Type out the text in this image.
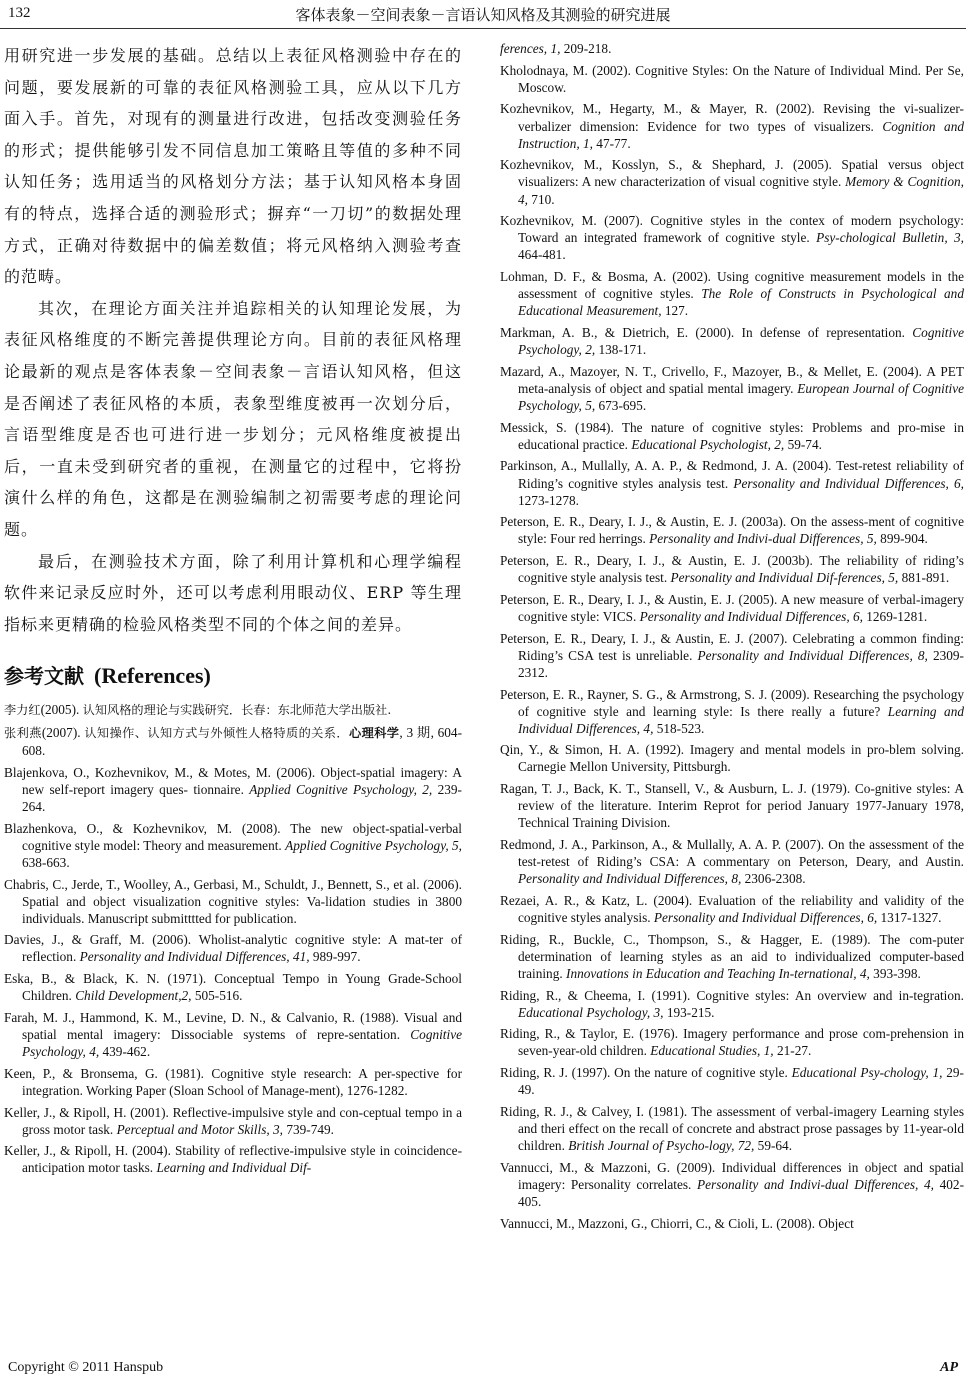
132	客体表象－空间表象－言语认知风格及其测验的研究进展

用研究进一步发展的基础。总结以上表征风格测验中存在的问题，要发展新的可靠的表征风格测验工具，应从以下几方面入手。首先，对现有的测量进行改进，包括改变测验任务的形式；提供能够引发不同信息加工策略且等值的多种不同认知任务；选用适当的风格划分方法；基于认知风格本身固有的特点，选择合适的测验形式；摒弃“一刀切”的数据处理方式，正确对待数据中的偏差数值；将元风格纳入测验考查的范畴。

其次，在理论方面关注并追踪相关的认知理论发展，为表征风格维度的不断完善提供理论方向。目前的表征风格理论最新的观点是客体表象－空间表象－言语认知风格，但这是否阐述了表征风格的本质，表象型维度被再一次划分后，言语型维度是否也可进行进一步划分；元风格维度被提出后，一直未受到研究者的重视，在测量它的过程中，它将扮演什么样的角色，这都是在测验编制之初需要考虑的理论问题。

最后，在测验技术方面，除了利用计算机和心理学编程软件来记录反应时外，还可以考虑利用眼动仪、ERP 等生理指标来更精确的检验风格类型不同的个体之间的差异。

参考文献 (References)
李力红(2005). 认知风格的理论与实践研究．长春：东北师范大学出版社.
张利燕(2007). 认知操作、认知方式与外倾性人格特质的关系．心理科学, 3 期, 604-608.
Blajenkova, O., Kozhevnikov, M., & Motes, M. (2006). Object-spatial imagery: A new self-report imagery ques- tionnaire. Applied Cognitive Psychology, 2, 239-264.
Blazhenkova, O., & Kozhevnikov, M. (2008). The new object-spatial-verbal cognitive style model: Theory and measurement. Applied Cognitive Psychology, 5, 638-663.
Chabris, C., Jerde, T., Woolley, A., Gerbasi, M., Schuldt, J., Bennett, S., et al. (2006). Spatial and object visualization cognitive styles: Va-lidation studies in 3800 individuals. Manuscript submitttted for publication.
Davies, J., & Graff, M. (2006). Wholist-analytic cognitive style: A mat-ter of reflection. Personality and Individual Differences, 41, 989-997.
Eska, B., & Black, K. N. (1971). Conceptual Tempo in Young Grade-School Children. Child Development,2, 505-516.
Farah, M. J., Hammond, K. M., Levine, D. N., & Calvanio, R. (1988). Visual and spatial mental imagery: Dissociable systems of repre-sentation. Cognitive Psychology, 4, 439-462.
Keen, P., & Bronsema, G. (1981). Cognitive style research: A per-spective for integration. Working Paper (Sloan School of Manage-ment), 1276-1282.
Keller, J., & Ripoll, H. (2001). Reflective-impulsive style and con-ceptual tempo in a gross motor task. Perceptual and Motor Skills, 3, 739-749.
Keller, J., & Ripoll, H. (2004). Stability of reflective-impulsive style in coincidence-anticipation motor tasks. Learning and Individual Dif-
ferences, 1, 209-218.
Kholodnaya, M. (2002). Cognitive Styles: On the Nature of Individual Mind. Per Se, Moscow.
Kozhevnikov, M., Hegarty, M., & Mayer, R. (2002). Revising the vi-sualizer-verbalizer dimension: Evidence for two types of visualizers. Cognition and Instruction, 1, 47-77.
Kozhevnikov, M., Kosslyn, S., & Shephard, J. (2005). Spatial versus object visualizers: A new characterization of visual cognitive style. Memory & Cognition, 4, 710.
Kozhevnikov, M. (2007). Cognitive styles in the contex of modern psychology: Toward an integrated framework of cognitive style. Psy-chological Bulletin, 3, 464-481.
Lohman, D. F., & Bosma, A. (2002). Using cognitive measurement models in the assessment of cognitive styles. The Role of Constructs in Psychological and Educational Measurement, 127.
Markman, A. B., & Dietrich, E. (2000). In defense of representation. Cognitive Psychology, 2, 138-171.
Mazard, A., Mazoyer, N. T., Crivello, F., Mazoyer, B., & Mellet, E. (2004). A PET meta-analysis of object and spatial mental imagery. European Journal of Cognitive Psychology, 5, 673-695.
Messick, S. (1984). The nature of cognitive styles: Problems and pro-mise in educational practice. Educational Psychologist, 2, 59-74.
Parkinson, A., Mullally, A. A. P., & Redmond, J. A. (2004). Test-retest reliability of Riding’s cognitive styles analysis test. Personality and Individual Differences, 6, 1273-1278.
Peterson, E. R., Deary, I. J., & Austin, E. J. (2003a). On the assess-ment of cognitive style: Four red herrings. Personality and Indivi-dual Differences, 5, 899-904.
Peterson, E. R., Deary, I. J., & Austin, E. J. (2003b). The reliability of riding’s cognitive style analysis test. Personality and Individual Dif-ferences, 5, 881-891.
Peterson, E. R., Deary, I. J., & Austin, E. J. (2005). A new measure of verbal-imagery cognitive style: VICS. Personality and Individual Differences, 6, 1269-1281.
Peterson, E. R., Deary, I. J., & Austin, E. J. (2007). Celebrating a common finding: Riding’s CSA test is unreliable. Personality and Individual Differences, 8, 2309-2312.
Peterson, E. R., Rayner, S. G., & Armstrong, S. J. (2009). Researching the psychology of cognitive style and learning style: Is there really a future? Learning and Individual Differences, 4, 518-523.
Qin, Y., & Simon, H. A. (1992). Imagery and mental models in pro-blem solving. Carnegie Mellon University, Pittsburgh.
Ragan, T. J., Back, K. T., Stansell, V., & Ausburn, L. J. (1979). Co-gnitive styles: A review of the literature. Interim Reprot for period January 1977-January 1978, Technical Training Division.
Redmond, J. A., Parkinson, A., & Mullally, A. A. P. (2007). On the assessment of the test-retest of Riding’s CSA: A commentary on Peterson, Deary, and Austin. Personality and Individual Differences, 8, 2306-2308.
Rezaei, A. R., & Katz, L. (2004). Evaluation of the reliability and validity of the cognitive styles analysis. Personality and Individual Differences, 6, 1317-1327.
Riding, R., Buckle, C., Thompson, S., & Hagger, E. (1989). The com-puter determination of learning styles as an aid to individualized computer-based training. Innovations in Education and Teaching In-ternational, 4, 393-398.
Riding, R., & Cheema, I. (1991). Cognitive styles: An overview and in-tegration. Educational Psychology, 3, 193-215.
Riding, R., & Taylor, E. (1976). Imagery performance and prose com-prehension in seven-year-old children. Educational Studies, 1, 21-27.
Riding, R. J. (1997). On the nature of cognitive style. Educational Psy-chology, 1, 29-49.
Riding, R. J., & Calvey, I. (1981). The assessment of verbal-imagery Learning styles and theri effect on the recall of concrete and abstract prose passages by 11-year-old children. British Journal of Psycho-logy, 72, 59-64.
Vannucci, M., & Mazzoni, G. (2009). Individual differences in object and spatial imagery: Personality correlates. Personality and Indivi-dual Differences, 4, 402-405.
Vannucci, M., Mazzoni, G., Chiorri, C., & Cioli, L. (2008). Object
Copyright © 2011 Hanspub	AP
